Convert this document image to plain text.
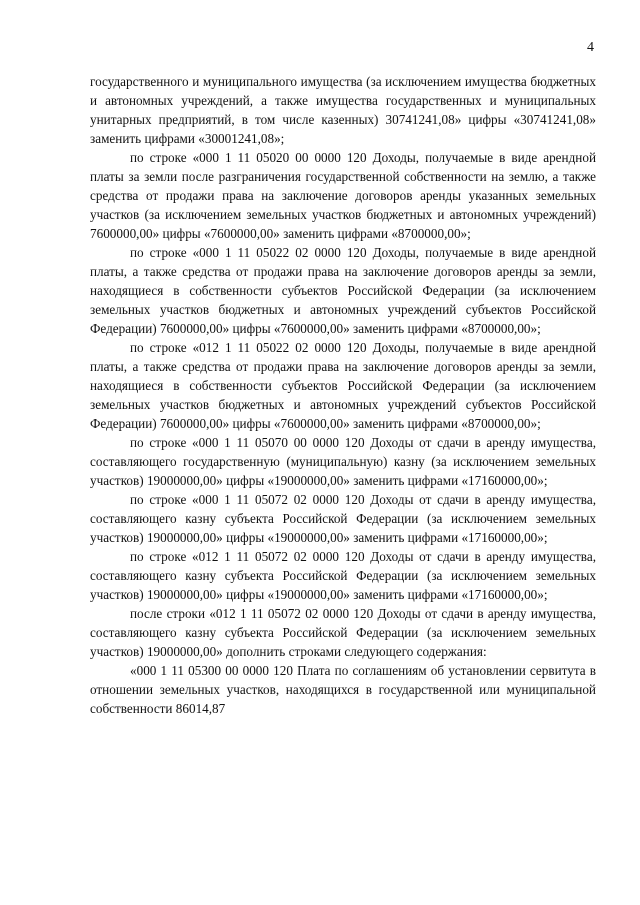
4

государственного и муниципального имущества (за исключением имущества бюджетных и автономных учреждений, а также имущества государственных и муниципальных унитарных предприятий, в том числе казенных) 30741241,08» цифры «30741241,08» заменить цифрами «30001241,08»;

по строке «000 1 11 05020 00 0000 120 Доходы, получаемые в виде арендной платы за земли после разграничения государственной собственности на землю, а также средства от продажи права на заключение договоров аренды указанных земельных участков (за исключением земельных участков бюджетных и автономных учреждений) 7600000,00» цифры «7600000,00» заменить цифрами «8700000,00»;

по строке «000 1 11 05022 02 0000 120 Доходы, получаемые в виде арендной платы, а также средства от продажи права на заключение договоров аренды за земли, находящиеся в собственности субъектов Российской Федерации (за исключением земельных участков бюджетных и автономных учреждений субъектов Российской Федерации) 7600000,00» цифры «7600000,00» заменить цифрами «8700000,00»;

по строке «012 1 11 05022 02 0000 120 Доходы, получаемые в виде арендной платы, а также средства от продажи права на заключение договоров аренды за земли, находящиеся в собственности субъектов Российской Федерации (за исключением земельных участков бюджетных и автономных учреждений субъектов Российской Федерации) 7600000,00» цифры «7600000,00» заменить цифрами «8700000,00»;

по строке «000 1 11 05070 00 0000 120 Доходы от сдачи в аренду имущества, составляющего государственную (муниципальную) казну (за исключением земельных участков) 19000000,00» цифры «19000000,00» заменить цифрами «17160000,00»;

по строке «000 1 11 05072 02 0000 120 Доходы от сдачи в аренду имущества, составляющего казну субъекта Российской Федерации (за исключением земельных участков) 19000000,00» цифры «19000000,00» заменить цифрами «17160000,00»;

по строке «012 1 11 05072 02 0000 120 Доходы от сдачи в аренду имущества, составляющего казну субъекта Российской Федерации (за исключением земельных участков) 19000000,00» цифры «19000000,00» заменить цифрами «17160000,00»;

после строки «012 1 11 05072 02 0000 120 Доходы от сдачи в аренду имущества, составляющего казну субъекта Российской Федерации (за исключением земельных участков) 19000000,00» дополнить строками следующего содержания:

«000 1 11 05300 00 0000 120 Плата по соглашениям об установлении сервитута в отношении земельных участков, находящихся в государственной или муниципальной собственности 86014,87
